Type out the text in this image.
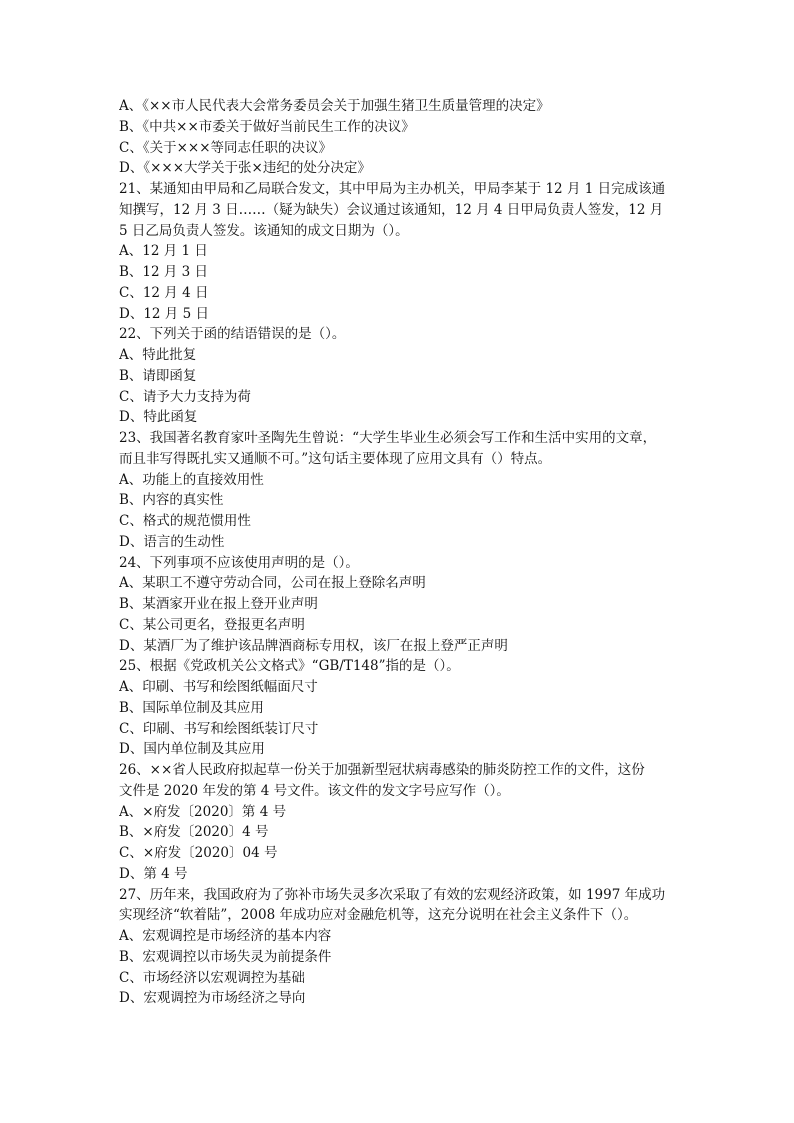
A、《××市人民代表大会常务委员会关于加强生猪卫生质量管理的决定》
B、《中共××市委关于做好当前民生工作的决议》
C、《关于×××等同志任职的决议》
D、《×××大学关于张×违纪的处分决定》
21、某通知由甲局和乙局联合发文，其中甲局为主办机关，甲局李某于 12 月 1 日完成该通
知撰写，12 月 3 日……（疑为缺失）会议通过该通知，12 月 4 日甲局负责人签发，12 月
5 日乙局负责人签发。该通知的成文日期为（）。
A、12 月 1 日
B、12 月 3 日
C、12 月 4 日
D、12 月 5 日
22、下列关于函的结语错误的是（）。
A、特此批复
B、请即函复
C、请予大力支持为荷
D、特此函复
23、我国著名教育家叶圣陶先生曾说：“大学生毕业生必须会写工作和生活中实用的文章，
而且非写得既扎实又通顺不可。”这句话主要体现了应用文具有（）特点。
A、功能上的直接效用性
B、内容的真实性
C、格式的规范惯用性
D、语言的生动性
24、下列事项不应该使用声明的是（）。
A、某职工不遵守劳动合同，公司在报上登除名声明
B、某酒家开业在报上登开业声明
C、某公司更名，登报更名声明
D、某酒厂为了维护该品牌酒商标专用权，该厂在报上登严正声明
25、根据《党政机关公文格式》“GB/T148”指的是（）。
A、印刷、书写和绘图纸幅面尺寸
B、国际单位制及其应用
C、印刷、书写和绘图纸装订尺寸
D、国内单位制及其应用
26、××省人民政府拟起草一份关于加强新型冠状病毒感染的肺炎防控工作的文件，这份
文件是 2020 年发的第 4 号文件。该文件的发文字号应写作（）。
A、×府发〔2020〕第 4 号
B、×府发〔2020〕4 号
C、×府发〔2020〕04 号
D、第 4 号
27、历年来，我国政府为了弥补市场失灵多次采取了有效的宏观经济政策，如 1997 年成功
实现经济“软着陆”，2008 年成功应对金融危机等，这充分说明在社会主义条件下（）。
A、宏观调控是市场经济的基本内容
B、宏观调控以市场失灵为前提条件
C、市场经济以宏观调控为基础
D、宏观调控为市场经济之导向
